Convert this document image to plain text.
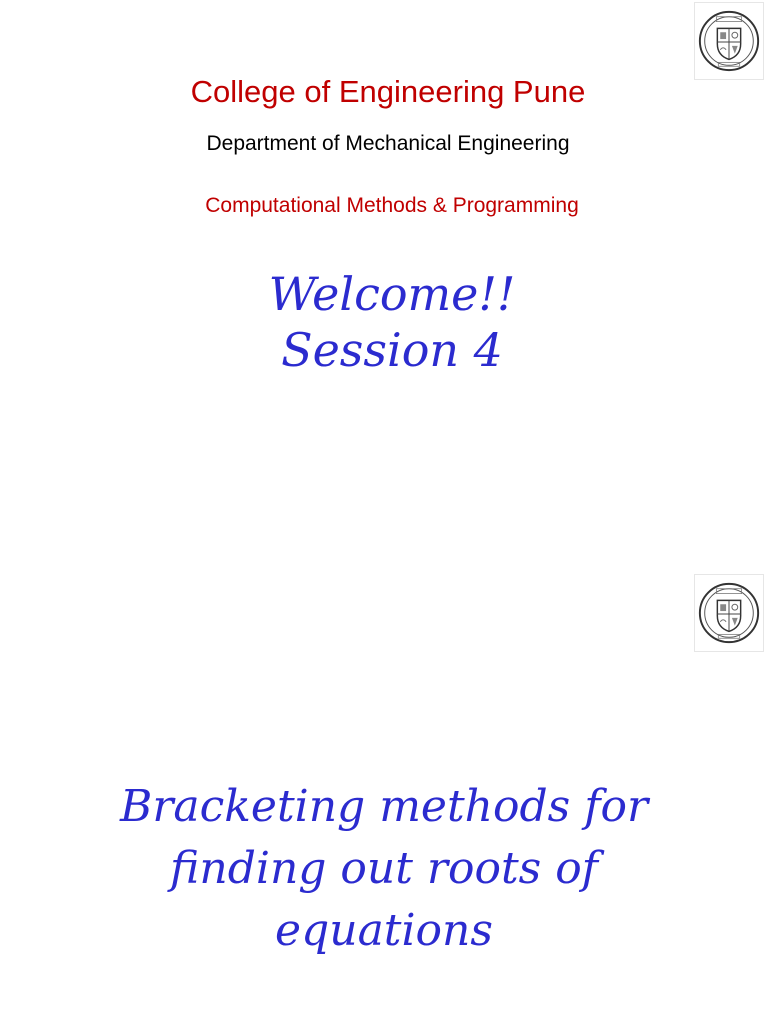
College of Engineering Pune
Department of Mechanical Engineering
Computational Methods & Programming
Welcome!!
Session 4
Bracketing methods for
finding out roots of
equations
